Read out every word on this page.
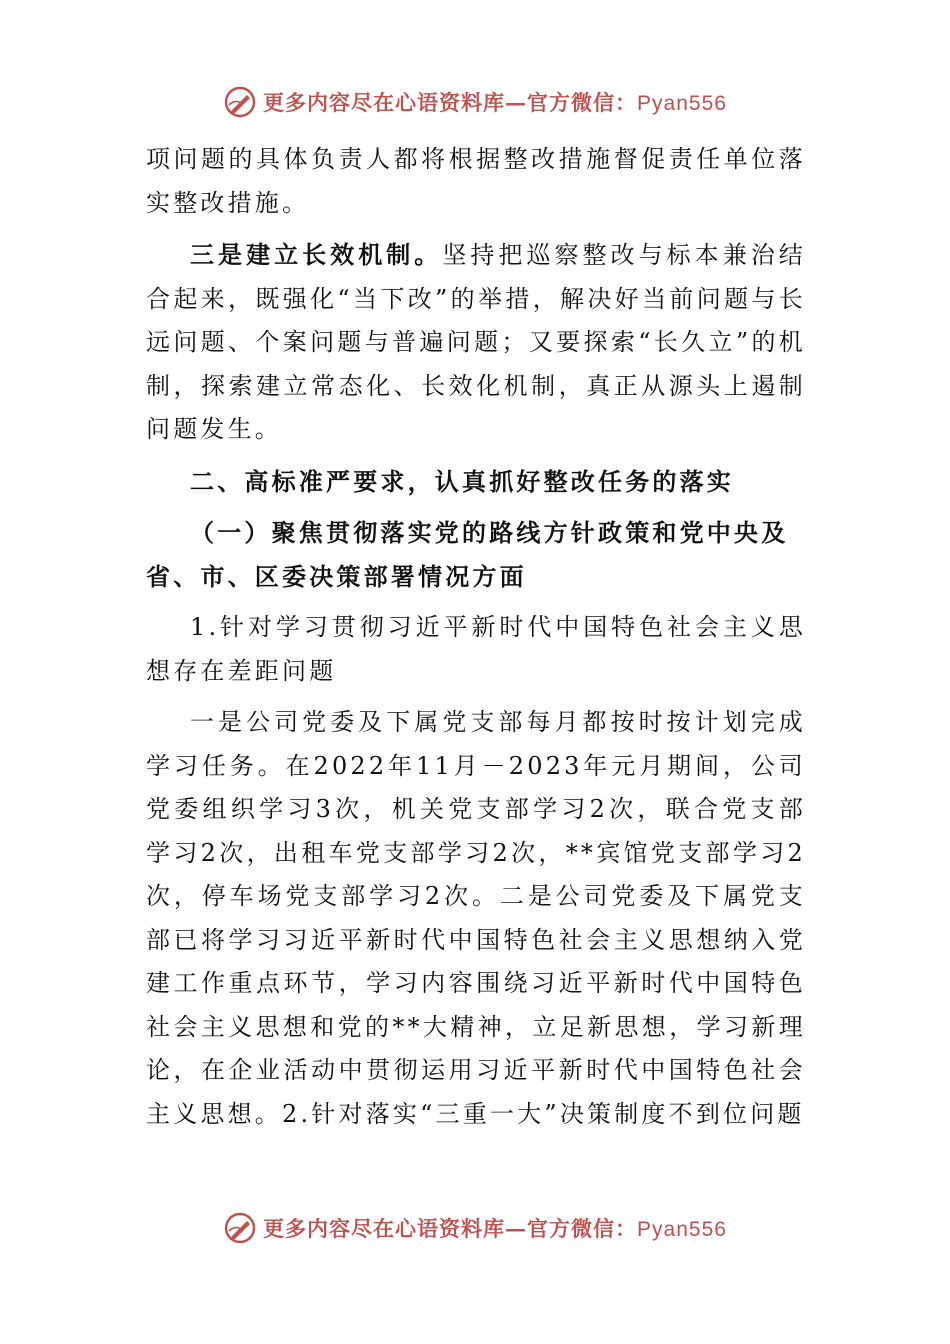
更多内容尽在心语资料库—官方微信：Pyan556

项问题的具体负责人都将根据整改措施督促责任单位落实整改措施。

三是建立长效机制。坚持把巡察整改与标本兼治结合起来，既强化“当下改”的举措，解决好当前问题与长远问题、个案问题与普遍问题；又要探索“长久立”的机制，探索建立常态化、长效化机制，真正从源头上遏制问题发生。

二、高标准严要求，认真抓好整改任务的落实

（一）聚焦贯彻落实党的路线方针政策和党中央及省、市、区委决策部署情况方面

1.针对学习贯彻习近平新时代中国特色社会主义思想存在差距问题

一是公司党委及下属党支部每月都按时按计划完成学习任务。在2022年11月－2023年元月期间，公司党委组织学习3次，机关党支部学习2次，联合党支部学习2次，出租车党支部学习2次，**宾馆党支部学习2次，停车场党支部学习2次。二是公司党委及下属党支部已将学习习近平新时代中国特色社会主义思想纳入党建工作重点环节，学习内容围绕习近平新时代中国特色社会主义思想和党的**大精神，立足新思想，学习新理论，在企业活动中贯彻运用习近平新时代中国特色社会主义思想。2.针对落实“三重一大”决策制度不到位问题

更多内容尽在心语资料库—官方微信：Pyan556
